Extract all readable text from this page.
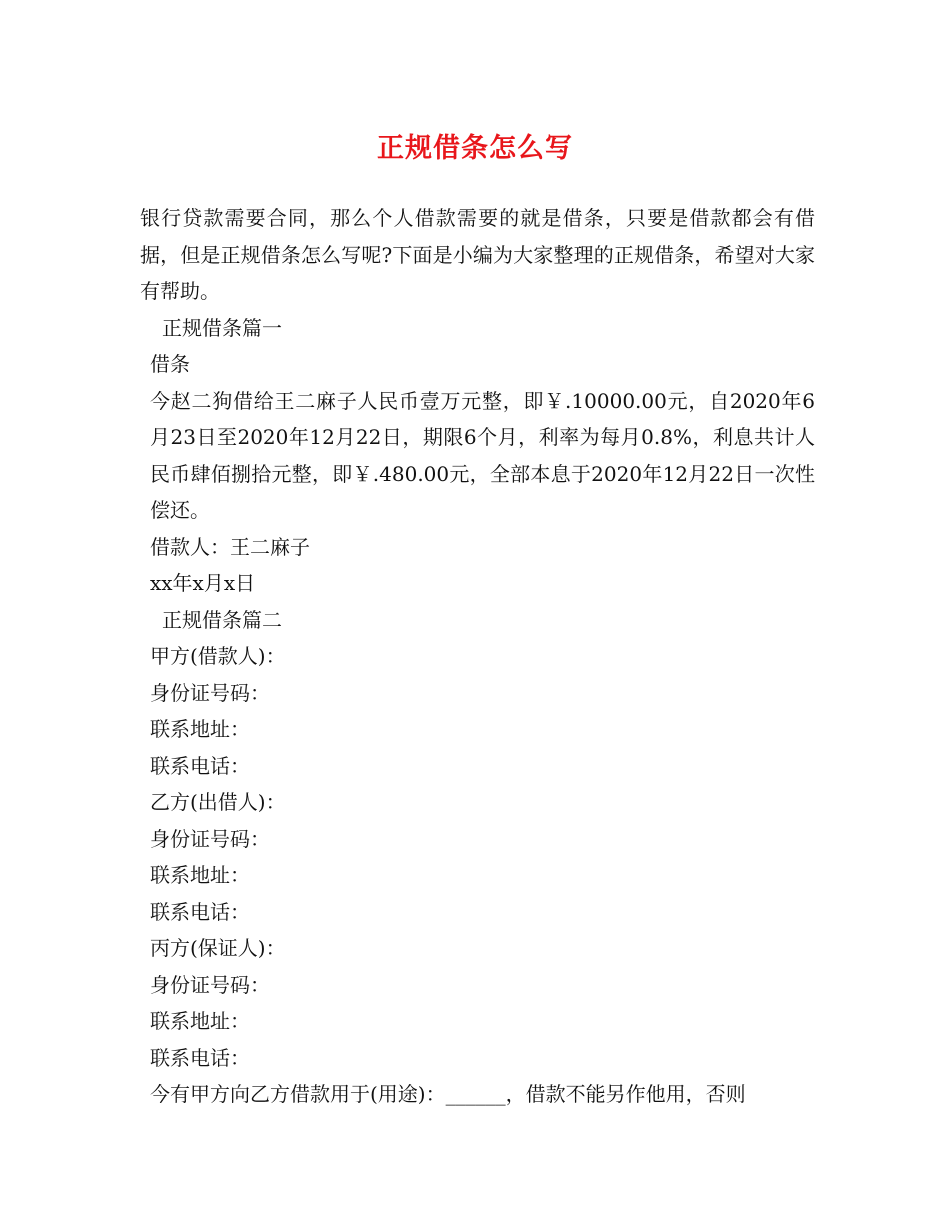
正规借条怎么写

银行贷款需要合同，那么个人借款需要的就是借条，只要是借款都会有借据，但是正规借条怎么写呢?下面是小编为大家整理的正规借条，希望对大家有帮助。

正规借条篇一

借条

今赵二狗借给王二麻子人民币壹万元整，即￥.10000.00元，自2020年6月23日至2020年12月22日，期限6个月，利率为每月0.8%，利息共计人民币肆佰捌拾元整，即￥.480.00元，全部本息于2020年12月22日一次性偿还。

借款人：王二麻子

xx年x月x日

正规借条篇二

甲方(借款人)：

身份证号码：

联系地址：

联系电话：

乙方(出借人)：

身份证号码：

联系地址：

联系电话：

丙方(保证人)：

身份证号码：

联系地址：

联系电话：

今有甲方向乙方借款用于(用途)：______，借款不能另作他用，否则
